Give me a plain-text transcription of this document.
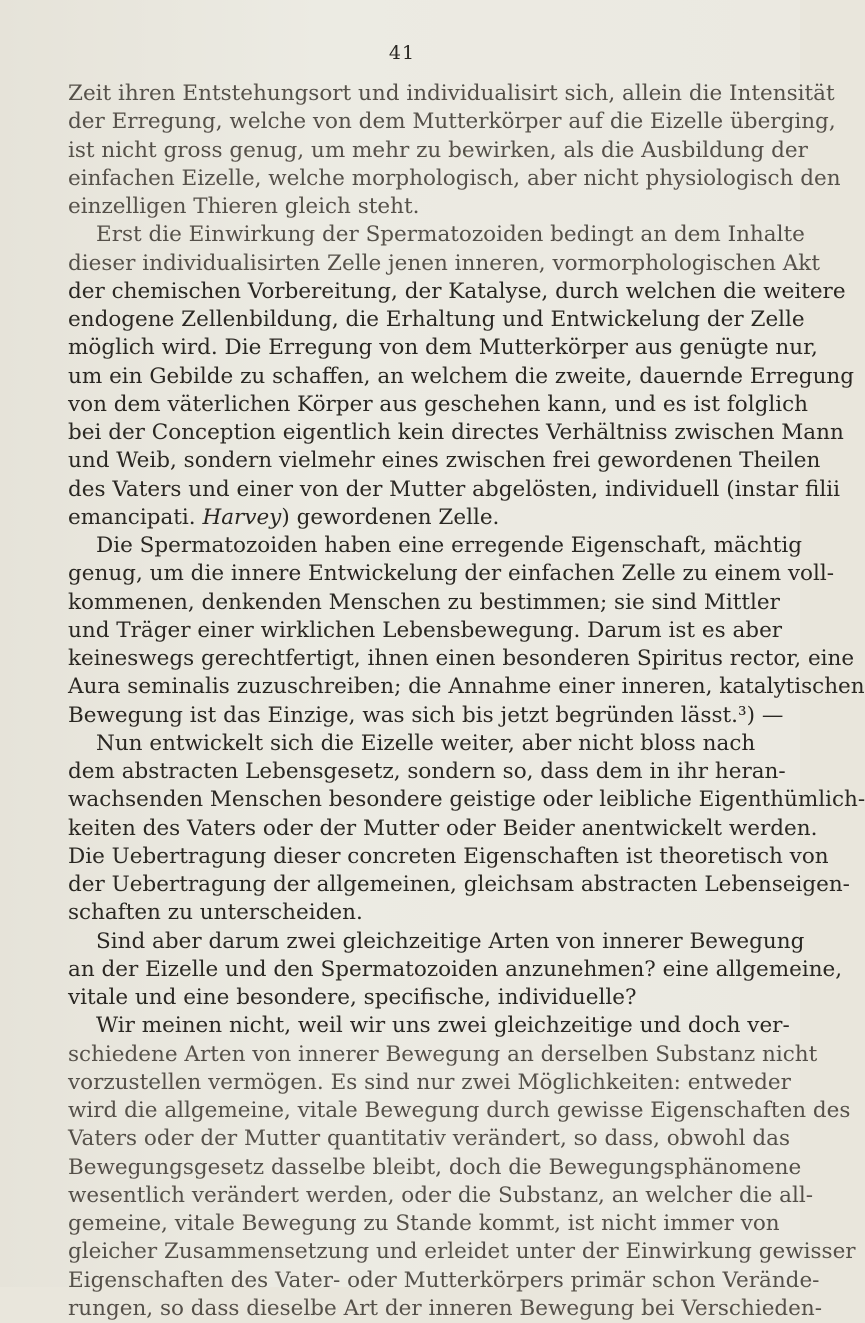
41
Zeit ihren Entstehungsort und individualisirt sich, allein die Intensität
der Erregung, welche von dem Mutterkörper auf die Eizelle überging,
ist nicht gross genug, um mehr zu bewirken, als die Ausbildung der
einfachen Eizelle, welche morphologisch, aber nicht physiologisch den
einzelligen Thieren gleich steht.
Erst die Einwirkung der Spermatozoiden bedingt an dem Inhalte
dieser individualisirten Zelle jenen inneren, vormorphologischen Akt
der chemischen Vorbereitung, der Katalyse, durch welchen die weitere
endogene Zellenbildung, die Erhaltung und Entwickelung der Zelle
möglich wird. Die Erregung von dem Mutterkörper aus genügte nur,
um ein Gebilde zu schaffen, an welchem die zweite, dauernde Erregung
von dem väterlichen Körper aus geschehen kann, und es ist folglich
bei der Conception eigentlich kein directes Verhältniss zwischen Mann
und Weib, sondern vielmehr eines zwischen frei gewordenen Theilen
des Vaters und einer von der Mutter abgelösten, individuell (instar filii
emancipati. Harvey) gewordenen Zelle.
Die Spermatozoiden haben eine erregende Eigenschaft, mächtig
genug, um die innere Entwickelung der einfachen Zelle zu einem voll-
kommenen, denkenden Menschen zu bestimmen; sie sind Mittler
und Träger einer wirklichen Lebensbewegung. Darum ist es aber
keineswegs gerechtfertigt, ihnen einen besonderen Spiritus rector, eine
Aura seminalis zuzuschreiben; die Annahme einer inneren, katalytischen
Bewegung ist das Einzige, was sich bis jetzt begründen lässt.³) —
Nun entwickelt sich die Eizelle weiter, aber nicht bloss nach
dem abstracten Lebensgesetz, sondern so, dass dem in ihr heran-
wachsenden Menschen besondere geistige oder leibliche Eigenthümlich-
keiten des Vaters oder der Mutter oder Beider anentwickelt werden.
Die Uebertragung dieser concreten Eigenschaften ist theoretisch von
der Uebertragung der allgemeinen, gleichsam abstracten Lebenseigen-
schaften zu unterscheiden.
Sind aber darum zwei gleichzeitige Arten von innerer Bewegung
an der Eizelle und den Spermatozoiden anzunehmen? eine allgemeine,
vitale und eine besondere, specifische, individuelle?
Wir meinen nicht, weil wir uns zwei gleichzeitige und doch ver-
schiedene Arten von innerer Bewegung an derselben Substanz nicht
vorzustellen vermögen. Es sind nur zwei Möglichkeiten: entweder
wird die allgemeine, vitale Bewegung durch gewisse Eigenschaften des
Vaters oder der Mutter quantitativ verändert, so dass, obwohl das
Bewegungsgesetz dasselbe bleibt, doch die Bewegungsphänomene
wesentlich verändert werden, oder die Substanz, an welcher die all-
gemeine, vitale Bewegung zu Stande kommt, ist nicht immer von
gleicher Zusammensetzung und erleidet unter der Einwirkung gewisser
Eigenschaften des Vater- oder Mutterkörpers primär schon Verände-
rungen, so dass dieselbe Art der inneren Bewegung bei Verschieden-
